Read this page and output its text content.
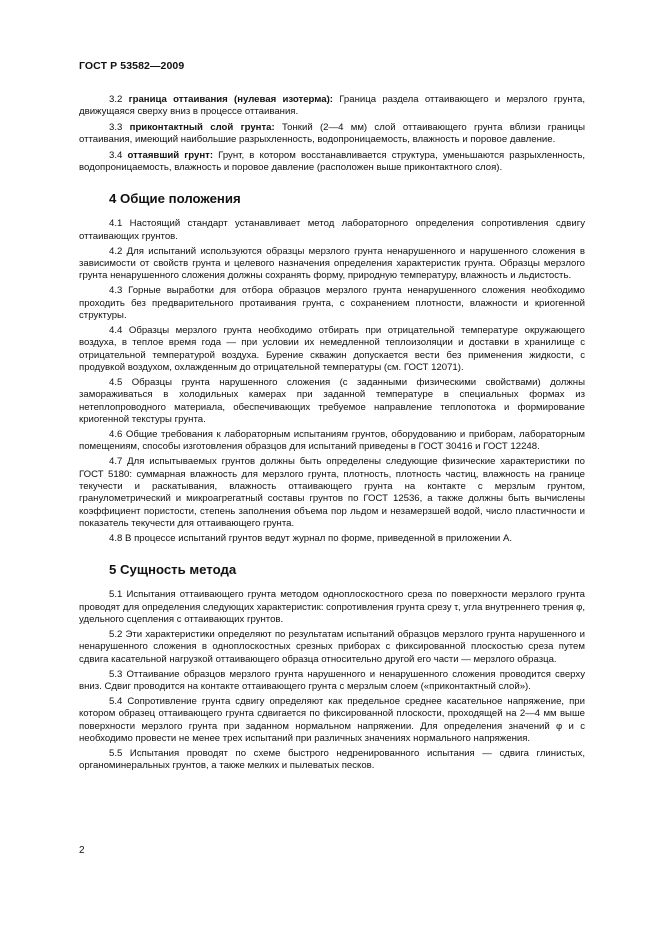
ГОСТ Р 53582—2009

3.2 граница оттаивания (нулевая изотерма): Граница раздела оттаивающего и мерзлого грунта, движущаяся сверху вниз в процессе оттаивания.

3.3 приконтактный слой грунта: Тонкий (2—4 мм) слой оттаивающего грунта вблизи границы оттаивания, имеющий наибольшие разрыхленность, водопроницаемость, влажность и поровое давление.

3.4 оттаявший грунт: Грунт, в котором восстанавливается структура, уменьшаются разрыхленность, водопроницаемость, влажность и поровое давление (расположен выше приконтактного слоя).

4 Общие положения

4.1 Настоящий стандарт устанавливает метод лабораторного определения сопротивления сдвигу оттаивающих грунтов.

4.2 Для испытаний используются образцы мерзлого грунта ненарушенного и нарушенного сложения в зависимости от свойств грунта и целевого назначения определения характеристик грунта. Образцы мерзлого грунта ненарушенного сложения должны сохранять форму, природную температуру, влажность и льдистость.

4.3 Горные выработки для отбора образцов мерзлого грунта ненарушенного сложения необходимо проходить без предварительного протаивания грунта, с сохранением плотности, влажности и криогенной структуры.

4.4 Образцы мерзлого грунта необходимо отбирать при отрицательной температуре окружающего воздуха, в теплое время года — при условии их немедленной теплоизоляции и доставки в хранилище с отрицательной температурой воздуха. Бурение скважин допускается вести без применения жидкости, с продувкой воздухом, охлажденным до отрицательной температуры (см. ГОСТ 12071).

4.5 Образцы грунта нарушенного сложения (с заданными физическими свойствами) должны замораживаться в холодильных камерах при заданной температуре в специальных формах из нетеплопроводного материала, обеспечивающих требуемое направление теплопотока и формирование криогенной текстуры грунта.

4.6 Общие требования к лабораторным испытаниям грунтов, оборудованию и приборам, лабораторным помещениям, способы изготовления образцов для испытаний приведены в ГОСТ 30416 и ГОСТ 12248.

4.7 Для испытываемых грунтов должны быть определены следующие физические характеристики по ГОСТ 5180: суммарная влажность для мерзлого грунта, плотность, плотность частиц, влажность на границе текучести и раскатывания, влажность оттаивающего грунта на контакте с мерзлым грунтом, гранулометрический и микроагрегатный составы грунтов по ГОСТ 12536, а также должны быть вычислены коэффициент пористости, степень заполнения объема пор льдом и незамерзшей водой, число пластичности и показатель текучести для оттаивающего грунта.

4.8 В процессе испытаний грунтов ведут журнал по форме, приведенной в приложении А.

5 Сущность метода

5.1 Испытания оттаивающего грунта методом одноплоскостного среза по поверхности мерзлого грунта проводят для определения следующих характеристик: сопротивления грунта срезу τ, угла внутреннего трения φ, удельного сцепления c оттаивающих грунтов.

5.2 Эти характеристики определяют по результатам испытаний образцов мерзлого грунта нарушенного и ненарушенного сложения в одноплоскостных срезных приборах с фиксированной плоскостью среза путем сдвига касательной нагрузкой оттаивающего образца относительно другой его части — мерзлого образца.

5.3 Оттаивание образцов мерзлого грунта нарушенного и ненарушенного сложения проводится сверху вниз. Сдвиг проводится на контакте оттаивающего грунта с мерзлым слоем («приконтактный слой»).

5.4 Сопротивление грунта сдвигу определяют как предельное среднее касательное напряжение, при котором образец оттаивающего грунта сдвигается по фиксированной плоскости, проходящей на 2—4 мм выше поверхности мерзлого грунта при заданном нормальном напряжении. Для определения значений φ и c необходимо провести не менее трех испытаний при различных значениях нормального напряжения.

5.5 Испытания проводят по схеме быстрого недренированного испытания — сдвига глинистых, органоминеральных грунтов, а также мелких и пылеватых песков.

2
